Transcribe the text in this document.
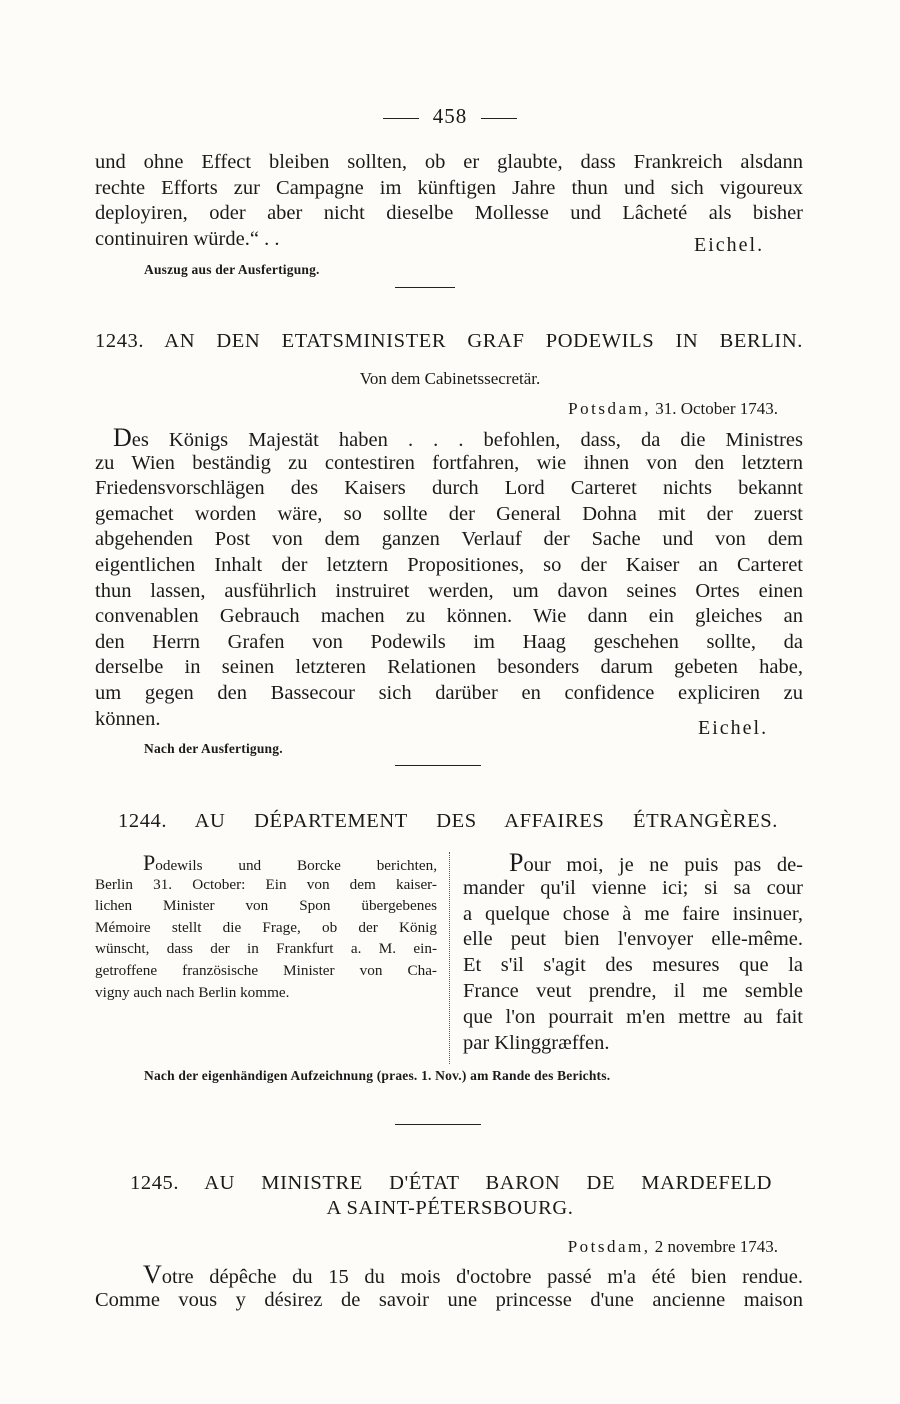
458
und ohne Effect bleiben sollten, ob er glaubte, dass Frankreich alsdann
rechte Efforts zur Campagne im künftigen Jahre thun und sich vigoureux
deployiren, oder aber nicht dieselbe Mollesse und Lâcheté als bisher
continuiren würde.“ . .	Eichel.
Auszug aus der Ausfertigung.
1243. AN DEN ETATSMINISTER GRAF PODEWILS IN BERLIN.
Von dem Cabinetssecretär.
Potsdam, 31. October 1743.
Des Königs Majestät haben . . . befohlen, dass, da die Ministres
zu Wien beständig zu contestiren fortfahren, wie ihnen von den letztern
Friedensvorschlägen des Kaisers durch Lord Carteret nichts bekannt
gemachet worden wäre, so sollte der General Dohna mit der zuerst
abgehenden Post von dem ganzen Verlauf der Sache und von dem
eigentlichen Inhalt der letztern Propositiones, so der Kaiser an Carteret
thun lassen, ausführlich instruiret werden, um davon seines Ortes einen
convenablen Gebrauch machen zu können. Wie dann ein gleiches an
den Herrn Grafen von Podewils im Haag geschehen sollte, da
derselbe in seinen letzteren Relationen besonders darum gebeten habe,
um gegen den Bassecour sich darüber en confidence expliciren zu
können.	Eichel.
Nach der Ausfertigung.
1244. AU DÉPARTEMENT DES AFFAIRES ÉTRANGÈRES.
Podewils und Borcke berichten,
Berlin 31. October: Ein von dem kaiser-
lichen Minister von Spon übergebenes
Mémoire stellt die Frage, ob der König
wünscht, dass der in Frankfurt a. M. ein-
getroffene französische Minister von Cha-
vigny auch nach Berlin komme.
Pour moi, je ne puis pas de-
mander qu'il vienne ici; si sa cour
a quelque chose à me faire insinuer,
elle peut bien l'envoyer elle-même.
Et s'il s'agit des mesures que la
France veut prendre, il me semble
que l'on pourrait m'en mettre au fait
par Klinggræffen.
Nach der eigenhändigen Aufzeichnung (praes. 1. Nov.) am Rande des Berichts.
1245. AU MINISTRE D'ÉTAT BARON DE MARDEFELD
A SAINT-PÉTERSBOURG.
Potsdam, 2 novembre 1743.
Votre dépêche du 15 du mois d'octobre passé m'a été bien rendue.
Comme vous y désirez de savoir une princesse d'une ancienne maison
